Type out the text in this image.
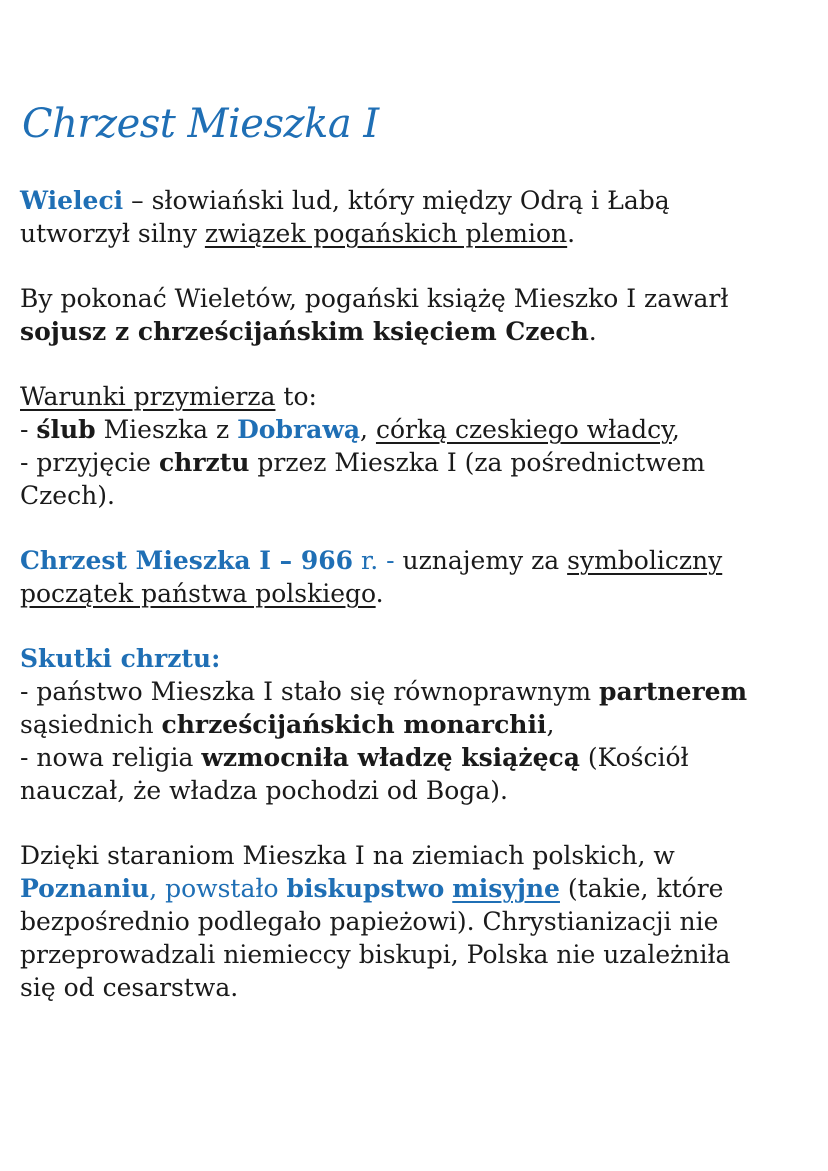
Chrzest Mieszka I

Wieleci – słowiański lud, który między Odrą i Łabą
utworzył silny związek pogańskich plemion.

By pokonać Wieletów, pogański książę Mieszko I zawarł
sojusz z chrześcijańskim księciem Czech.

Warunki przymierza to:
- ślub Mieszka z Dobrawą, córką czeskiego władcy,
- przyjęcie chrztu przez Mieszka I (za pośrednictwem
Czech).

Chrzest Mieszka I – 966 r. - uznajemy za symboliczny
początek państwa polskiego.

Skutki chrztu:
- państwo Mieszka I stało się równoprawnym partnerem
sąsiednich chrześcijańskich monarchii,
- nowa religia wzmocniła władzę książęcą (Kościół
nauczał, że władza pochodzi od Boga).

Dzięki staraniom Mieszka I na ziemiach polskich, w
Poznaniu, powstało biskupstwo misyjne (takie, które
bezpośrednio podlegało papieżowi). Chrystianizacji nie
przeprowadzali niemieccy biskupi, Polska nie uzależniła
się od cesarstwa.
